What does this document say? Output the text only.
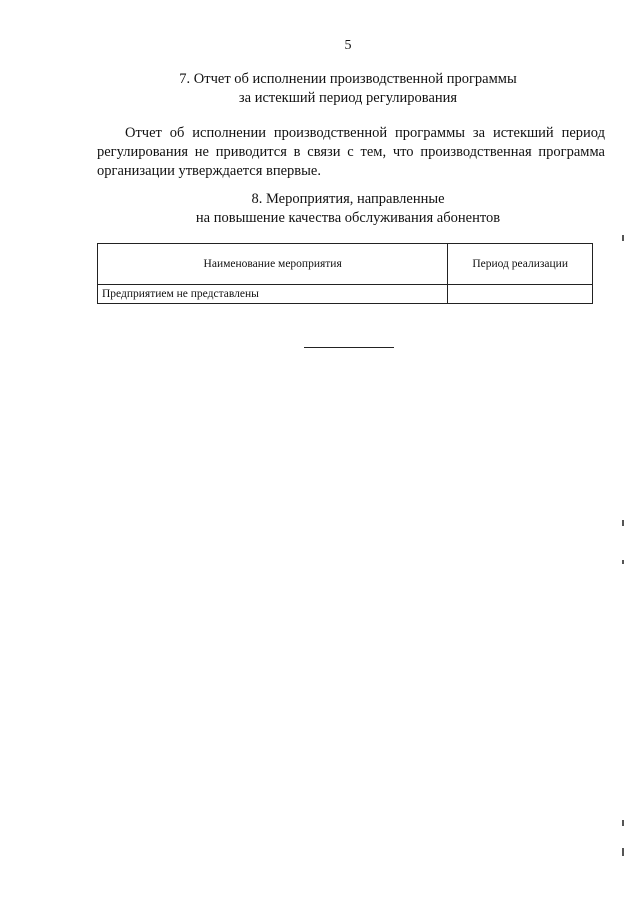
5
7. Отчет об исполнении производственной программы
за истекший период регулирования

Отчет об исполнении производственной программы за истекший период регулирования не приводится в связи с тем, что производственная программа организации утверждается впервые.

8. Мероприятия, направленные
на повышение качества обслуживания абонентов
Наименование мероприятия	Период реализации
Предприятием не представлены	
